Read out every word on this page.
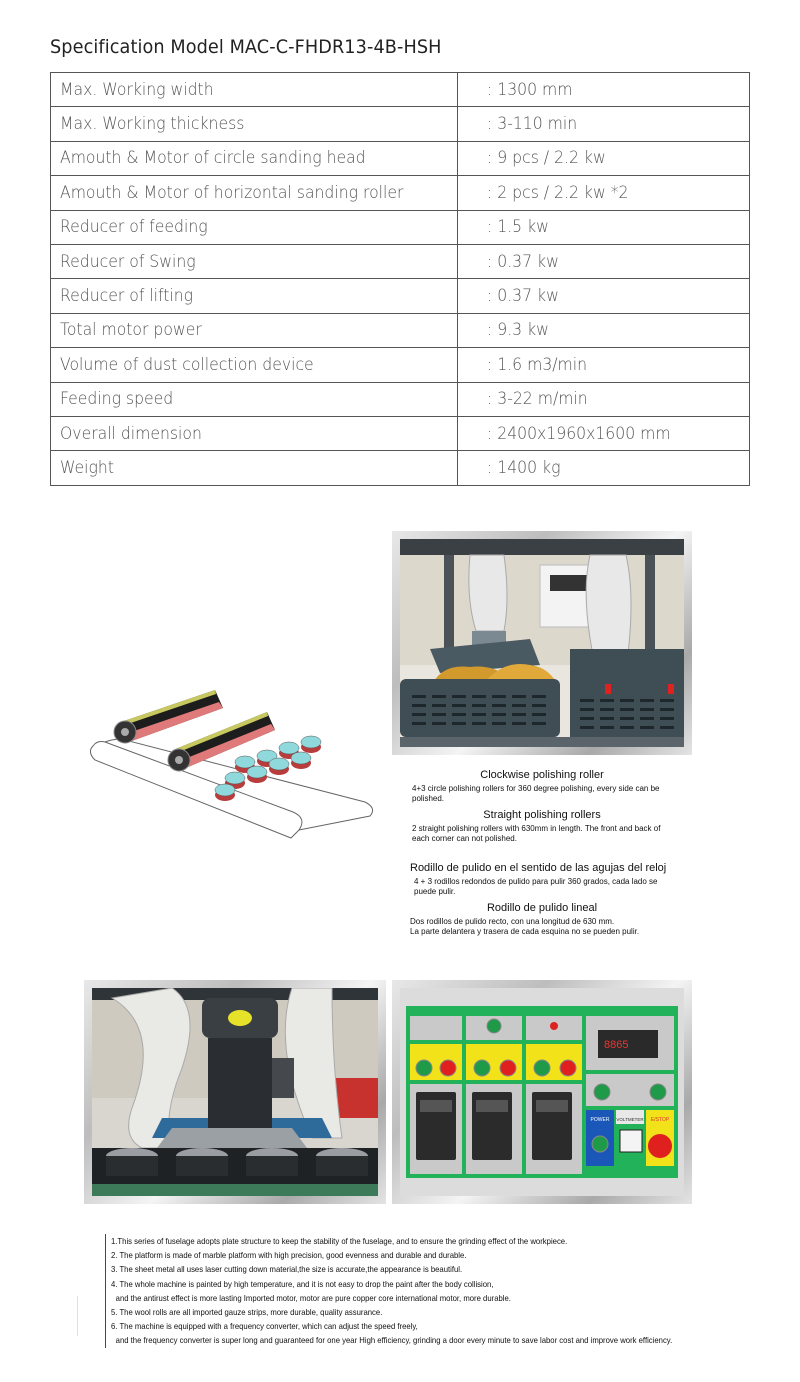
Specification Model MAC-C-FHDR13-4B-HSH
Max. Working width	: 1300 mm
Max. Working thickness	: 3-110 min
Amouth & Motor of circle sanding head	: 9 pcs / 2.2 kw
Amouth & Motor of horizontal sanding roller	: 2 pcs / 2.2 kw *2
Reducer of feeding	: 1.5 kw
Reducer of Swing	: 0.37 kw
Reducer of lifting	: 0.37 kw
Total motor power	: 9.3 kw
Volume of dust collection device	: 1.6 m3/min
Feeding speed	: 3-22 m/min
Overall dimension	: 2400x1960x1600 mm
Weight	: 1400 kg

Clockwise polishing roller

4+3 circle polishing rollers for 360 degree polishing, every side can be polished.

Straight polishing rollers

2 straight polishing rollers with 630mm in length. The front and back of each corner can not polished.

Rodillo de pulido en el sentido de las agujas del reloj

4 + 3 rodillos redondos de pulido para pulir 360 grados, cada lado se puede pulir.

Rodillo de pulido lineal

Dos rodillos de pulido recto, con una longitud de 630 mm.

La parte delantera y trasera de cada esquina no se pueden pulir.

8865
POWER VOLTMETER E/STOP
1.This series of fuselage adopts plate structure to keep the stability of the fuselage, and to ensure the grinding effect of the workpiece.
2. The platform is made of marble platform with high precision, good evenness and durable and durable.
3. The sheet metal all uses laser cutting down material,the size is accurate,the appearance is beautiful.
4. The whole machine is painted by high temperature, and it is not easy to drop the paint after the body collision,
and the antirust effect is more lasting Imported motor, motor are pure copper core international motor, more durable.
5. The wool rolls are all imported gauze strips, more durable, quality assurance.
6. The machine is equipped with a frequency converter, which can adjust the speed freely,
and the frequency converter is super long and guaranteed for one year High efficiency, grinding a door every minute to save labor cost and improve work efficiency.
